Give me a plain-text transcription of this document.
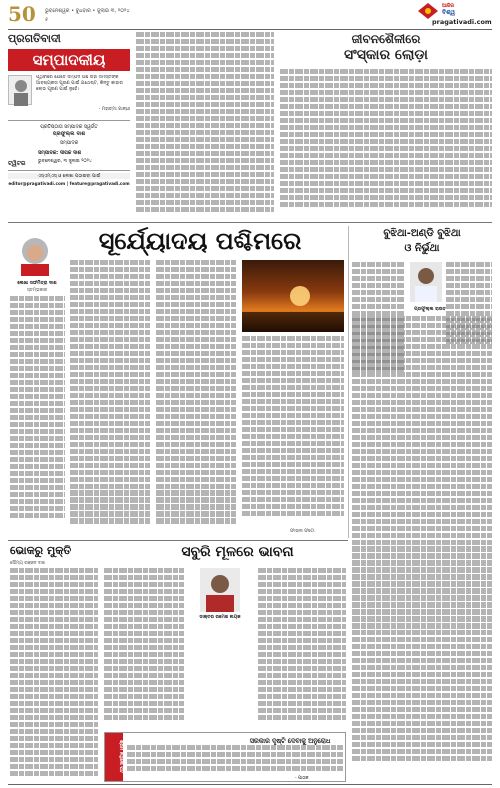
50 ଭୁବନେଶ୍ୱର • ବୁଧବାର • ଜୁଲାଇ ୩, ୨୦୨୪
୫
ଆଜିର
ବିଶ୍ୱ
pragativadi.com
ପ୍ରଗତିବାଦୀ
ସମ୍ପାଦକୀୟ
ପୃଥିବୀରେ ଯେତେ ସମ୍ପଦ ଅଛି ତାହା ସମସ୍ତଙ୍କ ଆବଶ୍ୟକତା ପୂରଣ ପାଇଁ ଯଥେଷ୍ଟ, କିନ୍ତୁ କାହାର ଲୋଭ ପୂରଣ ପାଇଁ ନୁହେଁ।
- ମହାତ୍ମା ଗାନ୍ଧୀ
ପ୍ରତିଷ୍ଠାତା ସମ୍ପାଦକ ସ୍ୱର୍ଗତ
ପ୍ରଫୁଲ୍ଲ ଦାଶ
ସମ୍ପାଦକ
ଟ୍ୱିଟର
ସମ୍ପାଦକ: ଦୀପକ ଦାଶ
ଭୁବନେଶ୍ୱର, ୩ ଜୁଲାଇ ୨୦୨୪
ଏସ୍‌ଏମ୍‌ଏସ୍‌ ଓ ଲେଖା ପଠାଇବା ପାଇଁ
editor@pragativadi.com | feature@pragativadi.com
ଜୀବନଶୈଳୀରେ
ସଂସ୍କାର ଲୋଡ଼ା
ସୂର୍ଯ୍ୟୋଦୟ ପଶ୍ଚିମରେ
ଲେଖା ସଙ୍ଘମିତ୍ରା ଦାଶ
ସ୍ତମ୍ଭକାର
ଫାଇଲ ଫଟୋ
ବୁଝିଥା-ଅଣ୍ଡି ବୁଝିଥା
ଓ ନିର୍ଭୁଥା
ପ୍ରଫୁଲ୍ଲ ରାଉତ
ଭୋକରୁ ମୁକ୍ତି
ସୌମ୍ୟ ରଞ୍ଜନ ଦାଶ
ସବୁରି ମୂଳରେ ଭାବନା
ଡାକ୍ତର ରମେଶ ନାୟକ
ଶ୍ରମ ନଥିଲେ ପଟ	ସରକାର ଦୃଷ୍ଟି ଦେବାକୁ ଅନୁରୋଧ
- ପାଠକ
